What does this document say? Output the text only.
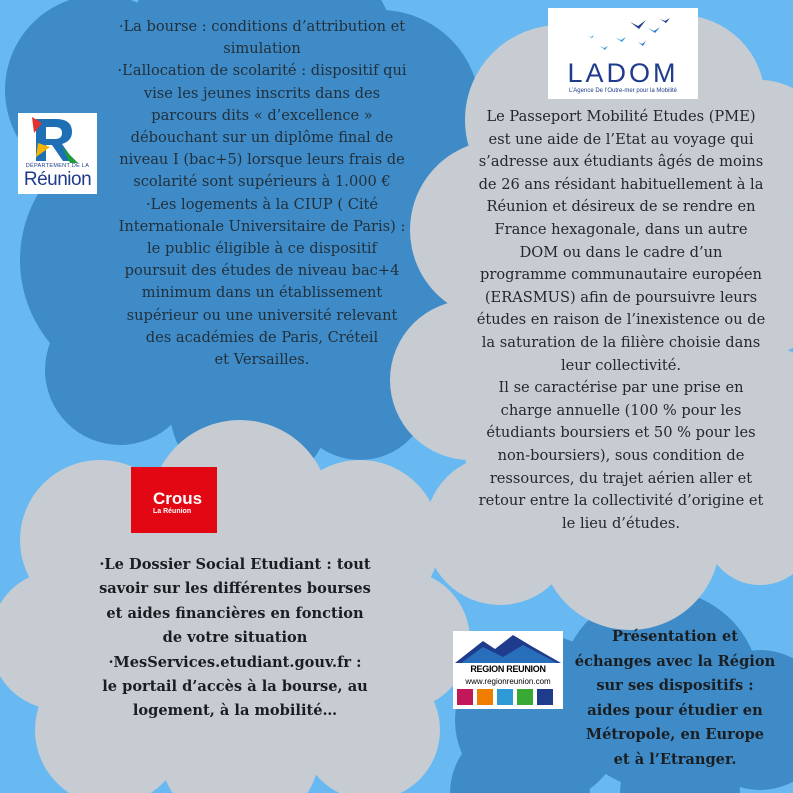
·La bourse : conditions d’attribution et
simulation
·L’allocation de scolarité : dispositif qui
vise les jeunes inscrits dans des
parcours dits « d’excellence »
débouchant sur un diplôme final de
niveau I (bac+5) lorsque leurs frais de
scolarité sont supérieurs à 1.000 €
·Les logements à la CIUP ( Cité
Internationale Universitaire de Paris) :
le public éligible à ce dispositif
poursuit des études de niveau bac+4
minimum dans un établissement
supérieur ou une université relevant
des académies de Paris, Créteil
et Versailles.
Le Passeport Mobilité Etudes (PME)
est une aide de l’Etat au voyage qui
s’adresse aux étudiants âgés de moins
de 26 ans résidant habituellement à la
Réunion et désireux de se rendre en
France hexagonale, dans un autre
DOM ou dans le cadre d’un
programme communautaire européen
(ERASMUS) afin de poursuivre leurs
études en raison de l’inexistence ou de
la saturation de la filière choisie dans
leur collectivité.
Il se caractérise par une prise en
charge annuelle (100 % pour les
étudiants boursiers et 50 % pour les
non-boursiers), sous condition de
ressources, du trajet aérien aller et
retour entre la collectivité d’origine et
le lieu d’études.
·Le Dossier Social Etudiant : tout
savoir sur les différentes bourses
et aides financières en fonction
de votre situation
·MesServices.etudiant.gouv.fr :
le portail d’accès à la bourse, au
logement, à la mobilité…
Présentation et
échanges avec la Région
sur ses dispositifs :
aides pour étudier en
Métropole, en Europe
et à l’Etranger.
DÉPARTEMENT DE LA
Réunion
LADOM
L’Agence De l’Outre-mer pour la Mobilité
Crous
La Réunion
REGION REUNION
www.regionreunion.com
